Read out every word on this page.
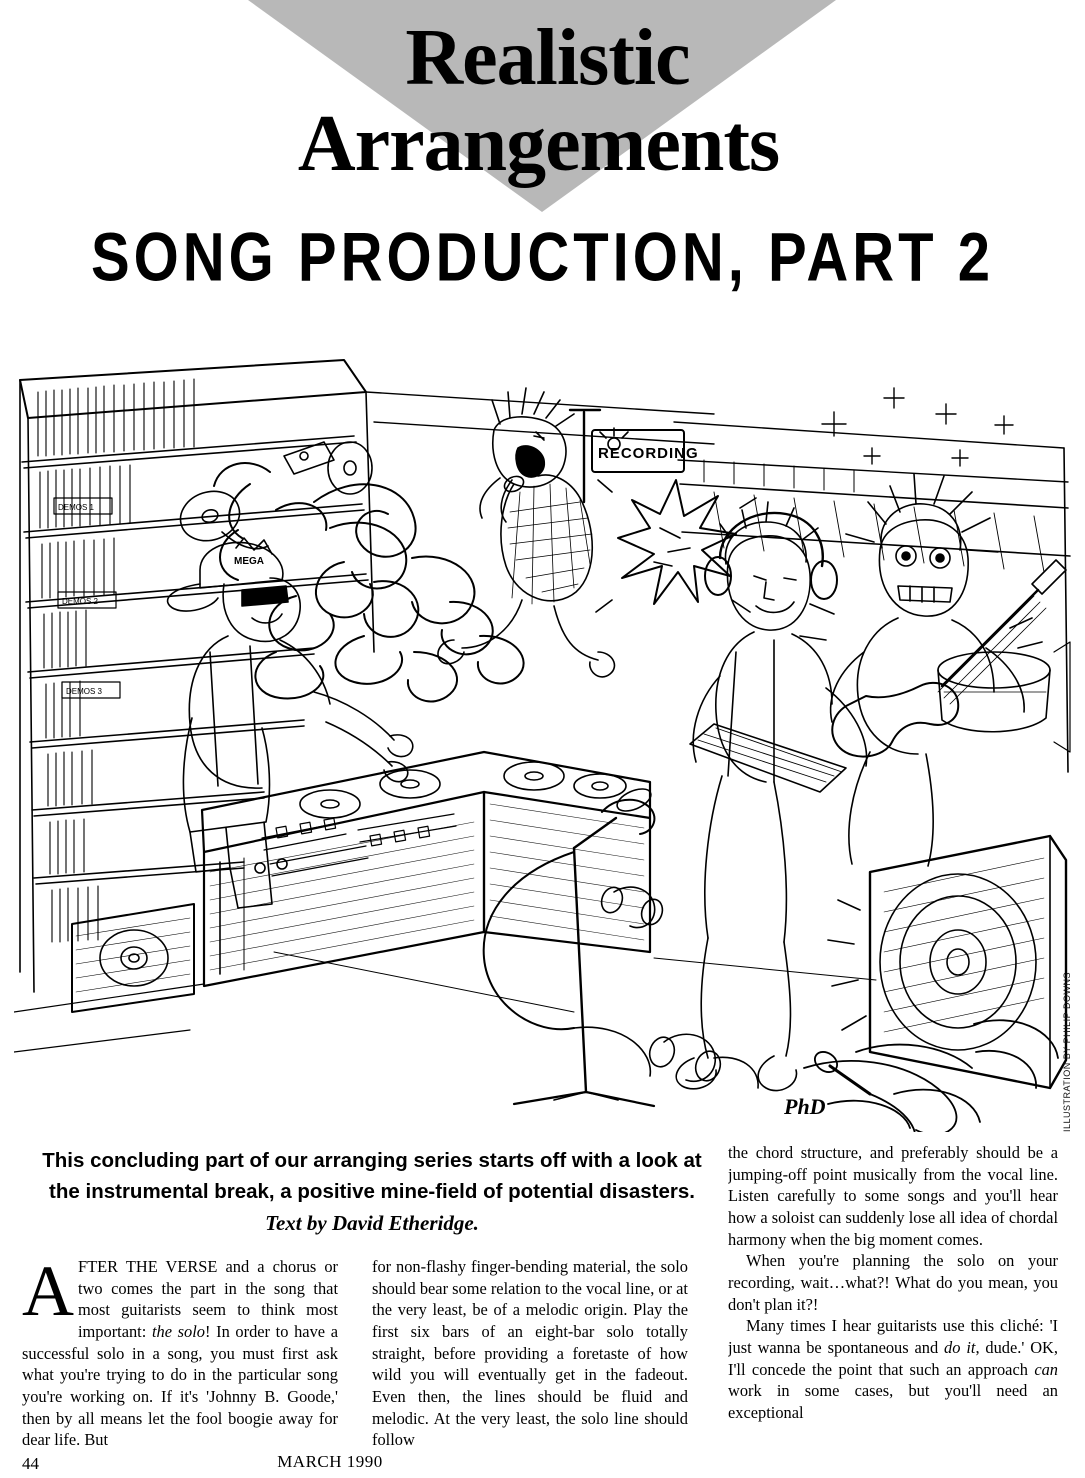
Realistic
Arrangements
SONG PRODUCTION, PART 2
RECORDING
DEMOS 1
DEMOS 2
DEMOS 3
MEGA
PhD	ILLUSTRATION BY PHILIP DOWNS
This concluding part of our arranging series starts off with a look at the instrumental break, a positive mine-field of potential disasters. Text by David Etheridge.
A FTER THE VERSE and a chorus or two comes the part in the song that most guitarists seem to think most important: the solo! In order to have a successful solo in a song, you must first ask what you're trying to do in the particular song you're working on. If it's 'Johnny B. Goode,' then by all means let the fool boogie away for dear life. But

for non-flashy finger-bending material, the solo should bear some relation to the vocal line, or at the very least, be of a melodic origin. Play the first six bars of an eight-bar solo totally straight, before providing a foretaste of how wild you will eventually get in the fadeout. Even then, the lines should be fluid and melodic. At the very least, the solo line should follow

the chord structure, and preferably should be a jumping-off point musically from the vocal line. Listen carefully to some songs and you'll hear how a soloist can suddenly lose all idea of chordal harmony when the big moment comes.

When you're planning the solo on your recording, wait…what?! What do you mean, you don't plan it?!

Many times I hear guitarists use this cliché: 'I just wanna be spontaneous and do it, dude.' OK, I'll concede the point that such an approach can work in some cases, but you'll need an exceptional

44	MARCH 1990
